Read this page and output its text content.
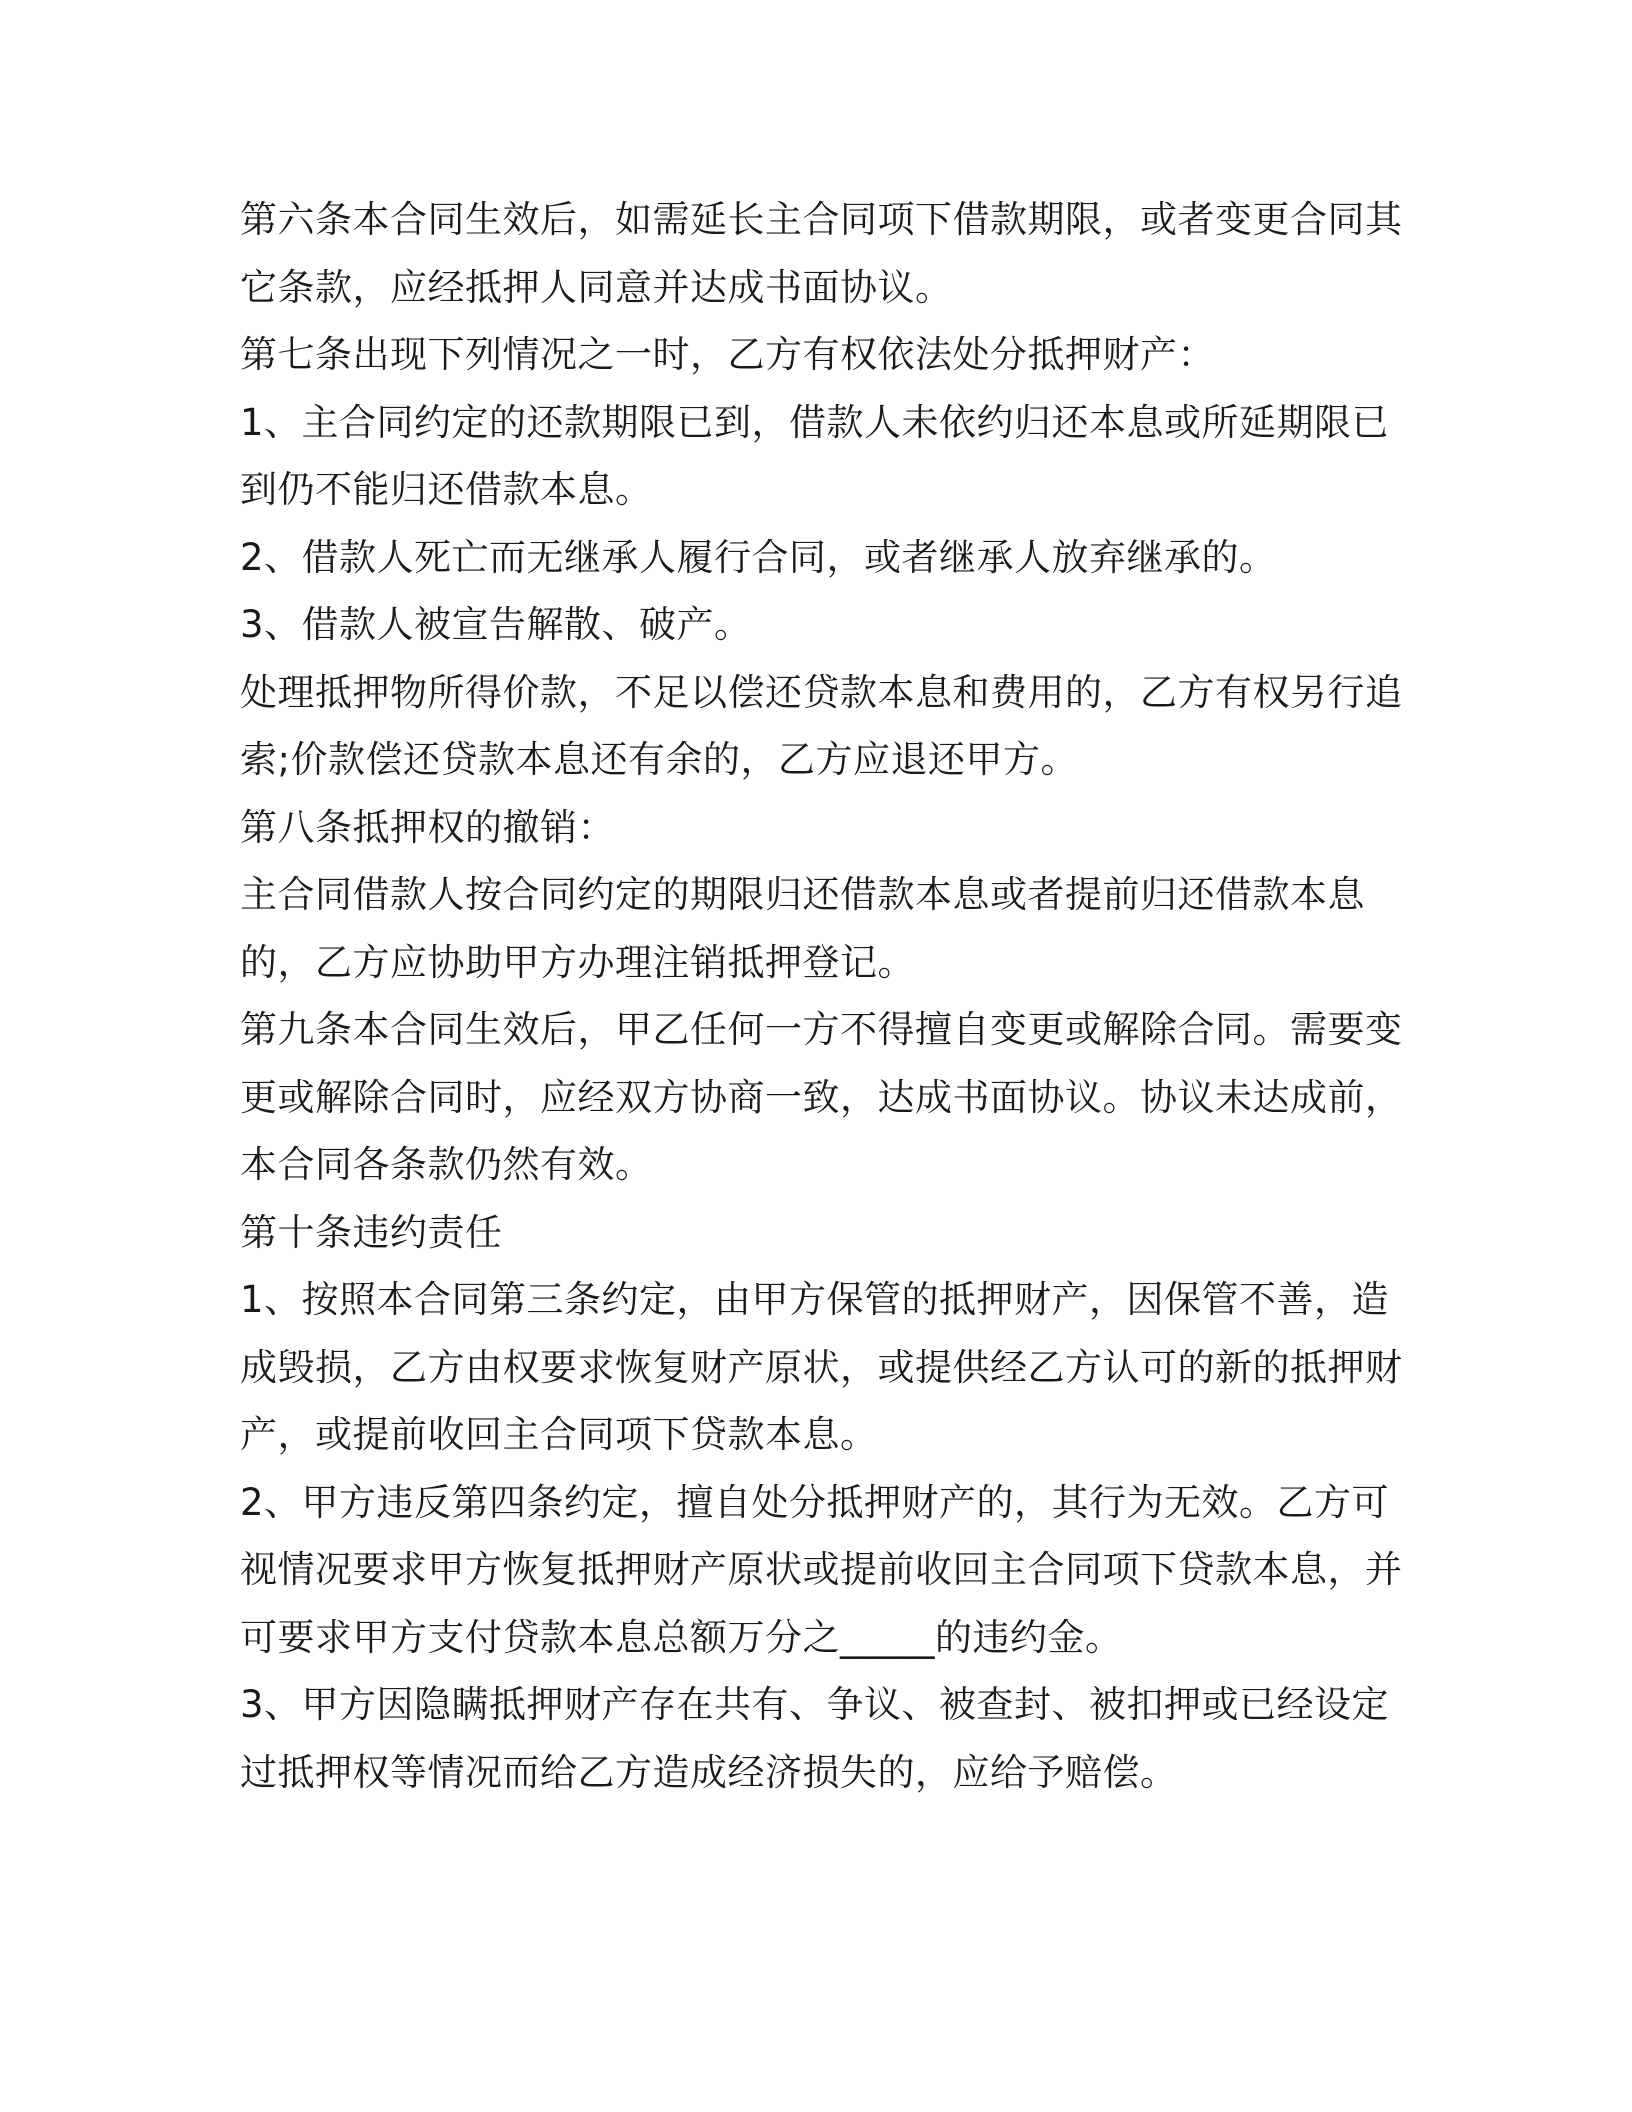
第六条本合同生效后，如需延长主合同项下借款期限，或者变更合同其它条款，应经抵押人同意并达成书面协议。

第七条出现下列情况之一时，乙方有权依法处分抵押财产：

1、主合同约定的还款期限已到，借款人未依约归还本息或所延期限已到仍不能归还借款本息。

2、借款人死亡而无继承人履行合同，或者继承人放弃继承的。

3、借款人被宣告解散、破产。

处理抵押物所得价款，不足以偿还贷款本息和费用的，乙方有权另行追索;价款偿还贷款本息还有余的，乙方应退还甲方。

第八条抵押权的撤销：

主合同借款人按合同约定的期限归还借款本息或者提前归还借款本息的，乙方应协助甲方办理注销抵押登记。

第九条本合同生效后，甲乙任何一方不得擅自变更或解除合同。需要变更或解除合同时，应经双方协商一致，达成书面协议。协议未达成前，本合同各条款仍然有效。

第十条违约责任

1、按照本合同第三条约定，由甲方保管的抵押财产，因保管不善，造成毁损，乙方由权要求恢复财产原状，或提供经乙方认可的新的抵押财产，或提前收回主合同项下贷款本息。

2、甲方违反第四条约定，擅自处分抵押财产的，其行为无效。乙方可视情况要求甲方恢复抵押财产原状或提前收回主合同项下贷款本息，并可要求甲方支付贷款本息总额万分之_____的违约金。

3、甲方因隐瞒抵押财产存在共有、争议、被查封、被扣押或已经设定过抵押权等情况而给乙方造成经济损失的，应给予赔偿。
